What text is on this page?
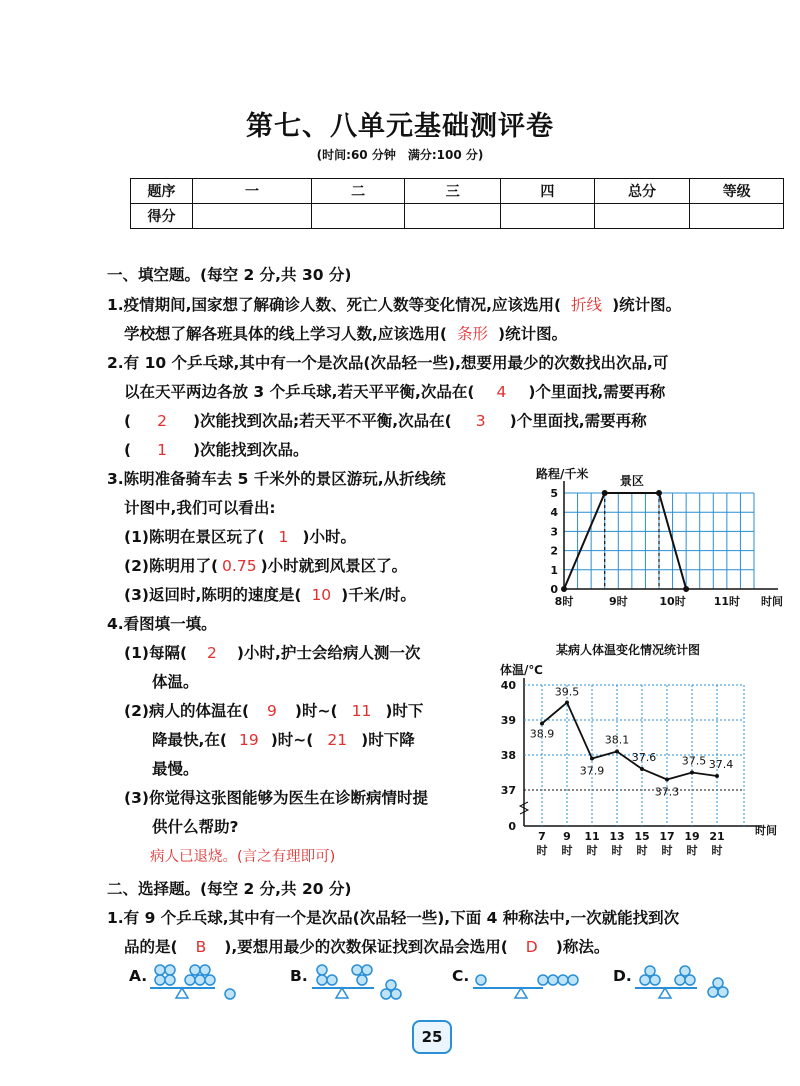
第七、八单元基础测评卷
(时间:60 分钟　满分:100 分)
题序	一	二	三	四	总分	等级
得分						
一、填空题。(每空 2 分,共 30 分)
1.疫情期间,国家想了解确诊人数、死亡人数等变化情况,应该选用( 折线 )统计图。
学校想了解各班具体的线上学习人数,应该选用( 条形 )统计图。
2.有 10 个乒乓球,其中有一个是次品(次品轻一些),想要用最少的次数找出次品,可
以在天平两边各放 3 个乒乓球,若天平平衡,次品在( 4 )个里面找,需要再称
( 2 )次能找到次品;若天平不平衡,次品在( 3 )个里面找,需要再称
( 1 )次能找到次品。
3.陈明准备骑车去 5 千米外的景区游玩,从折线统
计图中,我们可以看出:
(1)陈明在景区玩了( 1 )小时。
(2)陈明用了( 0.75 )小时就到风景区了。
(3)返回时,陈明的速度是( 10 )千米/时。
4.看图填一填。
(1)每隔( 2 )小时,护士会给病人测一次
体温。
(2)病人的体温在( 9 )时~( 11 )时下
降最快,在( 19 )时~( 21 )时下降
最慢。
(3)你觉得这张图能够为医生在诊断病情时提
供什么帮助?
病人已退烧。(言之有理即可)
二、选择题。(每空 2 分,共 20 分)
1.有 9 个乒乓球,其中有一个是次品(次品轻一些),下面 4 种称法中,一次就能找到次
品的是( B ),要想用最少的次数保证找到次品会选用( D )称法。
A.	B.	C.	D.
0
1
2
3
4
5
8时	9时	10时	11时
路程/千米
时间
景区
某病人体温变化情况统计图
体温/℃
0
37
38
39
40
7
时
9
时
11
时
13
时
15
时
17
时
19
时
21
时
时间
38.9
39.5
37.9
38.1
37.6
37.3
37.5 37.4
25
